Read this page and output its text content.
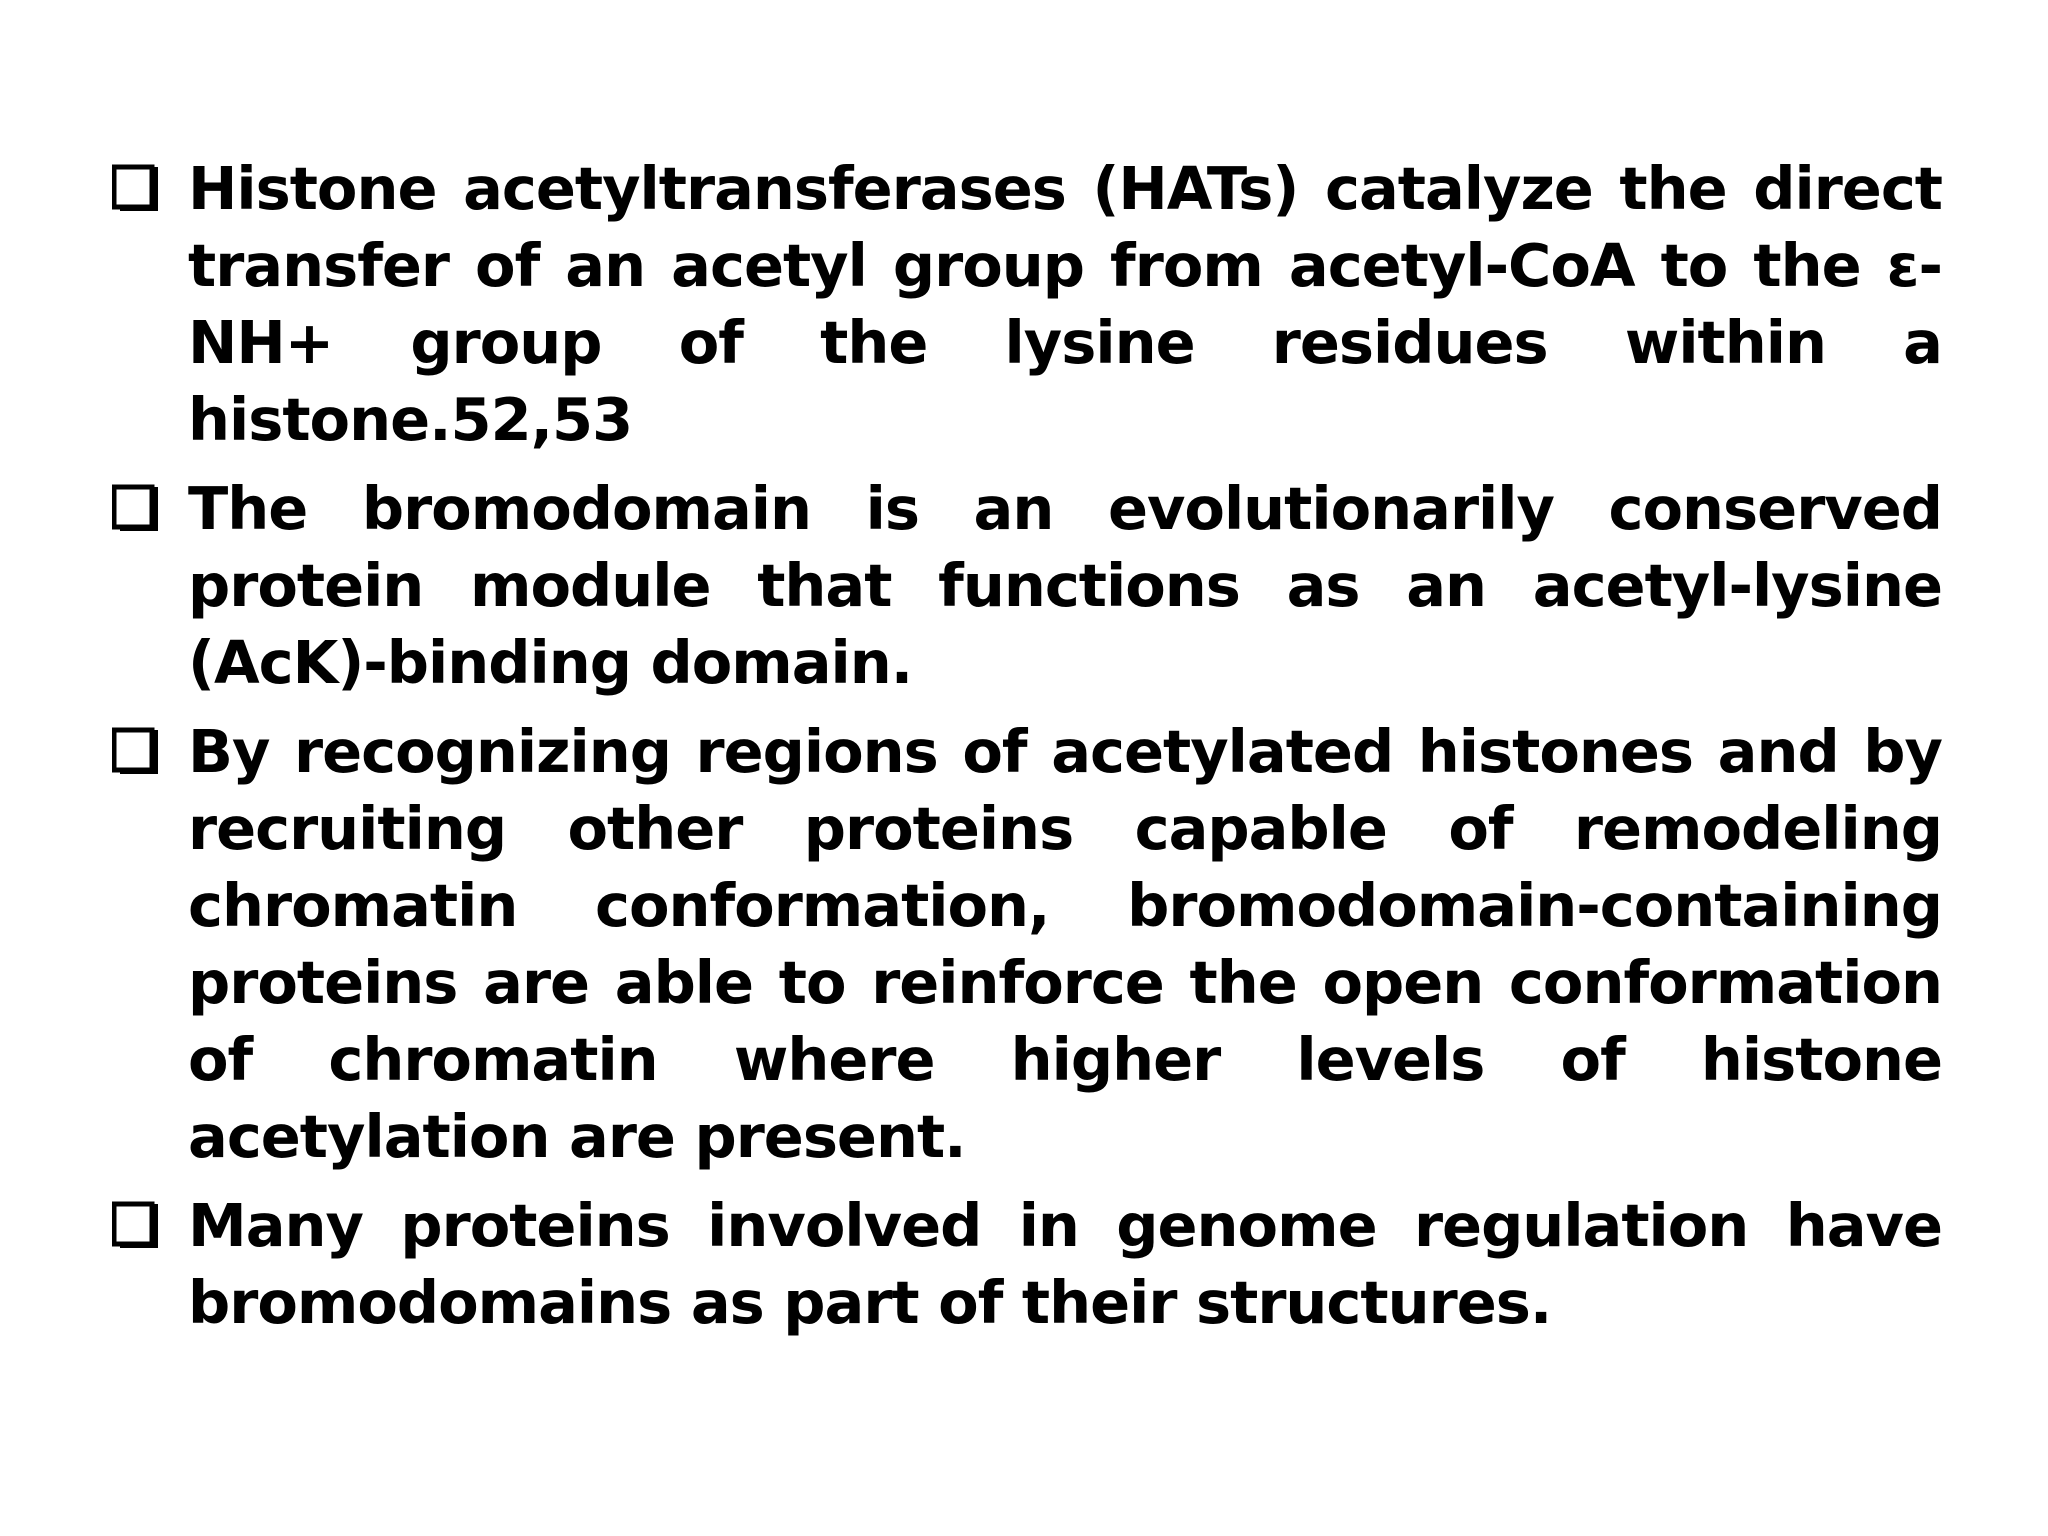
Histone acetyltransferases (HATs) catalyze the direct transfer of an acetyl group from acetyl-CoA to the ε-NH+ group of the lysine residues within a histone.52,53

The bromodomain is an evolutionarily conserved protein module that functions as an acetyl-lysine (AcK)-binding domain.

By recognizing regions of acetylated histones and by recruiting other proteins capable of remodeling chromatin conformation, bromodomain-containing proteins are able to reinforce the open conformation of chromatin where higher levels of histone acetylation are present.

Many proteins involved in genome regulation have bromodomains as part of their structures.
